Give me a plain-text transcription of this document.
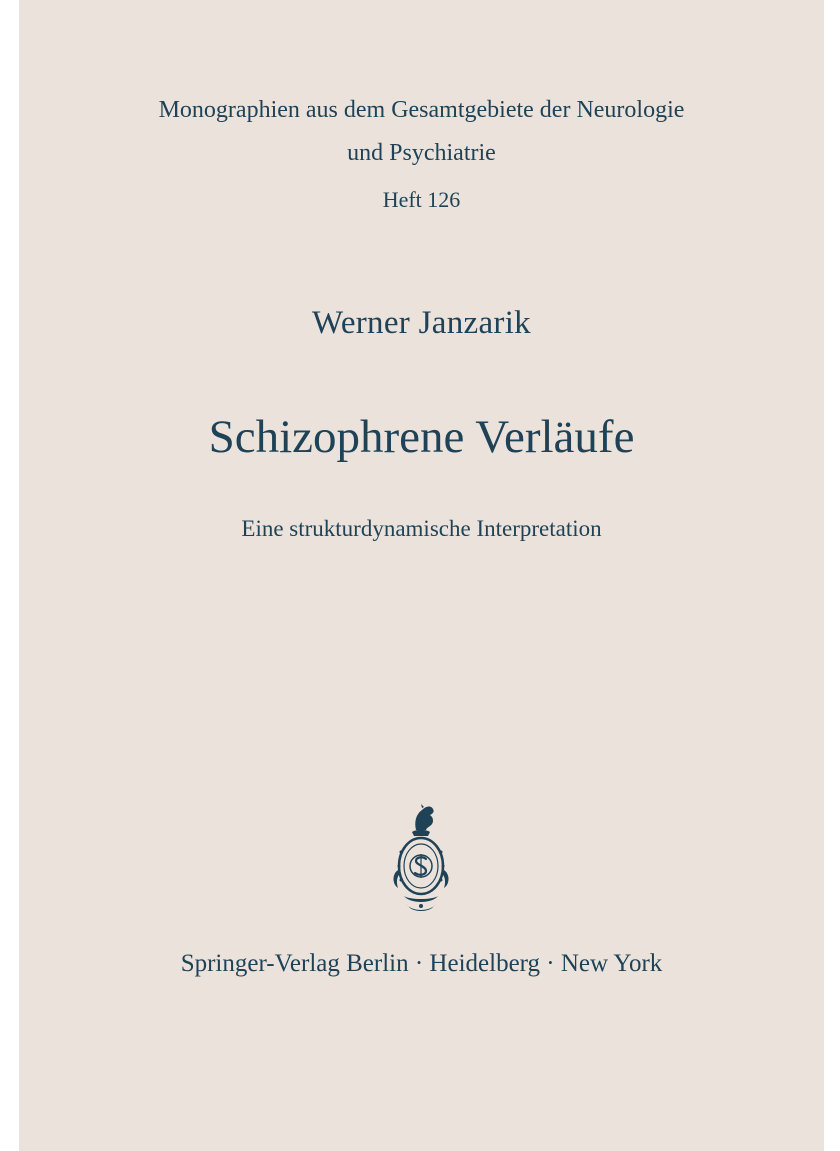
Monographien aus dem Gesamtgebiete der Neurologie

und Psychiatrie

Heft 126

Werner Janzarik

Schizophrene Verläufe

Eine strukturdynamische Interpretation

Springer-Verlag Berlin · Heidelberg · New York
